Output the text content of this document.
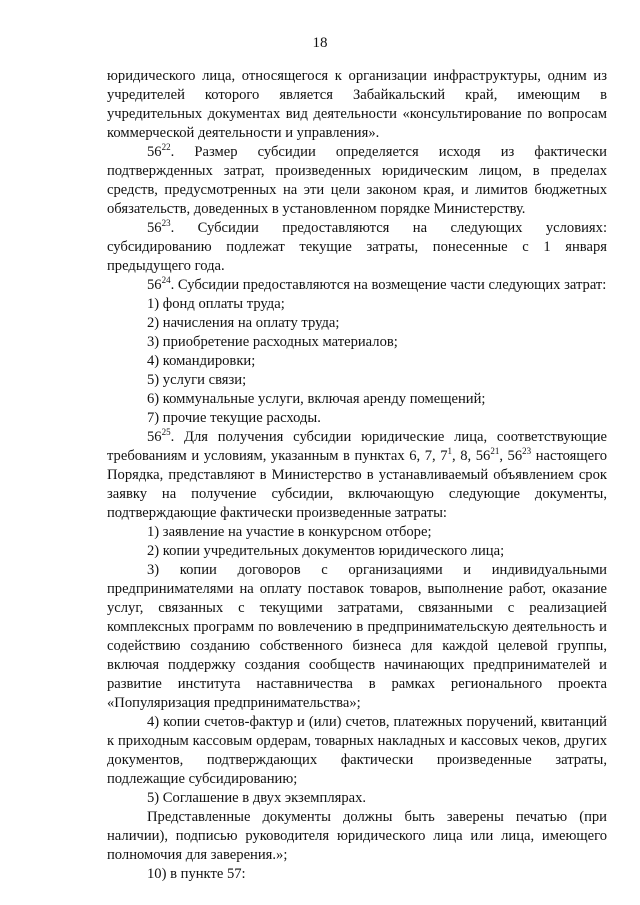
18

юридического лица, относящегося к организации инфраструктуры, одним из учредителей которого является Забайкальский край, имеющим в учредительных документах вид деятельности «консультирование по вопросам коммерческой деятельности и управления».

$56^{22}$. Размер субсидии определяется исходя из фактически подтвержденных затрат, произведенных юридическим лицом, в пределах средств, предусмотренных на эти цели законом края, и лимитов бюджетных обязательств, доведенных в установленном порядке Министерству.

$56^{23}$. Субсидии предоставляются на следующих условиях: субсидированию подлежат текущие затраты, понесенные с 1 января предыдущего года.

$56^{24}$. Субсидии предоставляются на возмещение части следующих затрат:

1) фонд оплаты труда;

2) начисления на оплату труда;

3) приобретение расходных материалов;

4) командировки;

5) услуги связи;

6) коммунальные услуги, включая аренду помещений;

7) прочие текущие расходы.

$56^{25}$. Для получения субсидии юридические лица, соответствующие требованиям и условиям, указанным в пунктах 6, 7, $7^1$, 8, $56^{21}$, $56^{23}$ настоящего Порядка, представляют в Министерство в устанавливаемый объявлением срок заявку на получение субсидии, включающую следующие документы, подтверждающие фактически произведенные затраты:

1) заявление на участие в конкурсном отборе;

2) копии учредительных документов юридического лица;

3) копии договоров с организациями и индивидуальными предпринимателями на оплату поставок товаров, выполнение работ, оказание услуг, связанных с текущими затратами, связанными с реализацией комплексных программ по вовлечению в предпринимательскую деятельность и содействию созданию собственного бизнеса для каждой целевой группы, включая поддержку создания сообществ начинающих предпринимателей и развитие института наставничества в рамках регионального проекта «Популяризация предпринимательства»;

4) копии счетов-фактур и (или) счетов, платежных поручений, квитанций к приходным кассовым ордерам, товарных накладных и кассовых чеков, других документов, подтверждающих фактически произведенные затраты, подлежащие субсидированию;

5) Соглашение в двух экземплярах.

Представленные документы должны быть заверены печатью (при наличии), подписью руководителя юридического лица или лица, имеющего полномочия для заверения.»;

10) в пункте 57:
